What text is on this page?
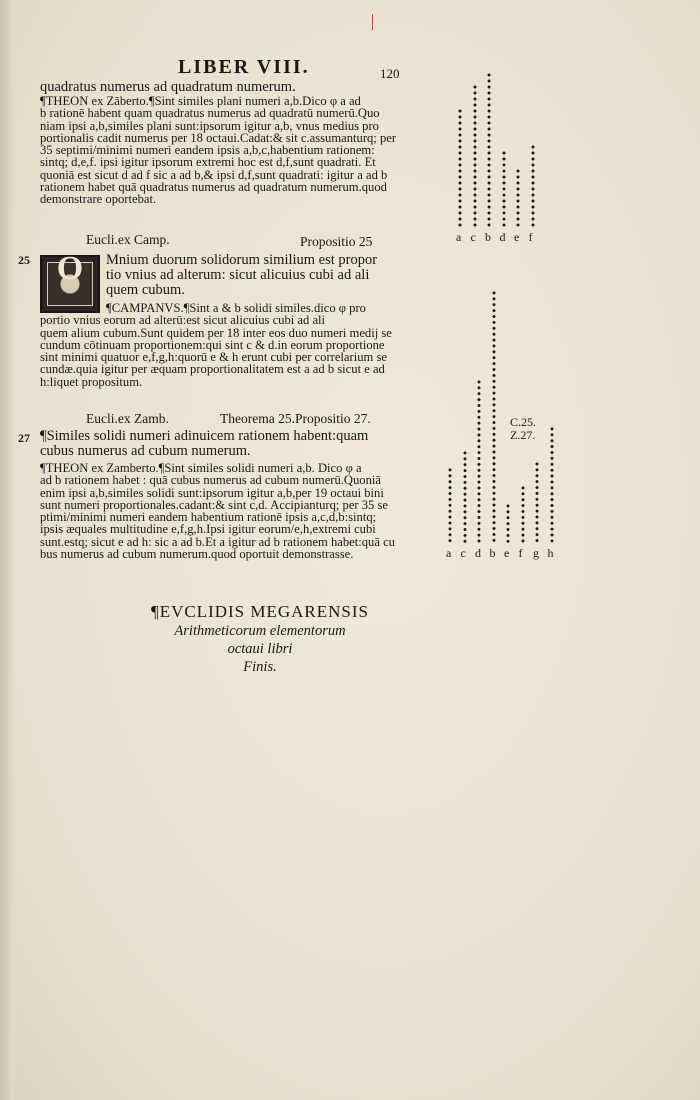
LIBER VIII.	120

quadratus numerus ad quadratum numerum.

¶THEON ex Zāberto.¶Sint similes plani numeri a,b.Dico φ a ad

b rationē habent quam quadratus numerus ad quadratū numerū.Quo

niam ipsi a,b,similes plani sunt:ipsorum igitur a,b, vnus medius pro

portionalis cadit numerus per 18 octaui.Cadat:& sit c.assumanturq; per

35 septimi/minimi numeri eandem ipsis a,b,c,habentium rationem:

sintq; d,e,f. ipsi igitur ipsorum extremi hoc est d,f,sunt quadrati. Et

quoniā est sicut d ad f sic a ad b,& ipsi d,f,sunt quadrati: igitur a ad b

rationem habet quā quadratus numerus ad quadratum numerum.quod

demonstrare oportebat.

Eucli.ex Camp.	Propositio 25
25 O	Mnium duorum solidorum similium est propor

tio vnius ad alterum: sicut alicuius cubi ad ali

quem cubum.

¶CAMPANVS.¶Sint a & b solidi similes.dico φ pro

portio vnius eorum ad alterū:est sicut alicuius cubi ad ali

quem alium cubum.Sunt quidem per 18 inter eos duo numeri medij se

cundum cōtinuam proportionem:qui sint c & d.in eorum proportione

sint minimi quatuor e,f,g,h:quorū e & h erunt cubi per correlarium se

cundæ.quia igitur per æquam proportionalitatem est a ad b sicut e ad

h:liquet propositum.

Eucli.ex Zamb.	Theorema 25.Propositio 27.
27 ¶Similes solidi numeri adinuicem rationem habent:quam

cubus numerus ad cubum numerum.

¶THEON ex Zamberto.¶Sint similes solidi numeri a,b. Dico φ a

ad b rationem habet : quā cubus numerus ad cubum numerū.Quoniā

enim ipsi a,b,similes solidi sunt:ipsorum igitur a,b,per 19 octaui bini

sunt numeri proportionales.cadant:& sint c,d. Accipianturq; per 35 se

ptimi/minimi numeri eandem habentium rationē ipsis a,c,d,b:sintq;

ipsis æquales multitudine e,f,g,h.Ipsi igitur eorum/e,h,extremi cubi

sunt.estq; sicut e ad h: sic a ad b.Et a igitur ad b rationem habet:quā cu

bus numerus ad cubum numerum.quod oportuit demonstrasse.

¶EVCLIDIS MEGARENSIS
Arithmeticorum elementorum
octaui libri
Finis.
a c b d e f
C.25.
Z.27.
a c d b e f g h
